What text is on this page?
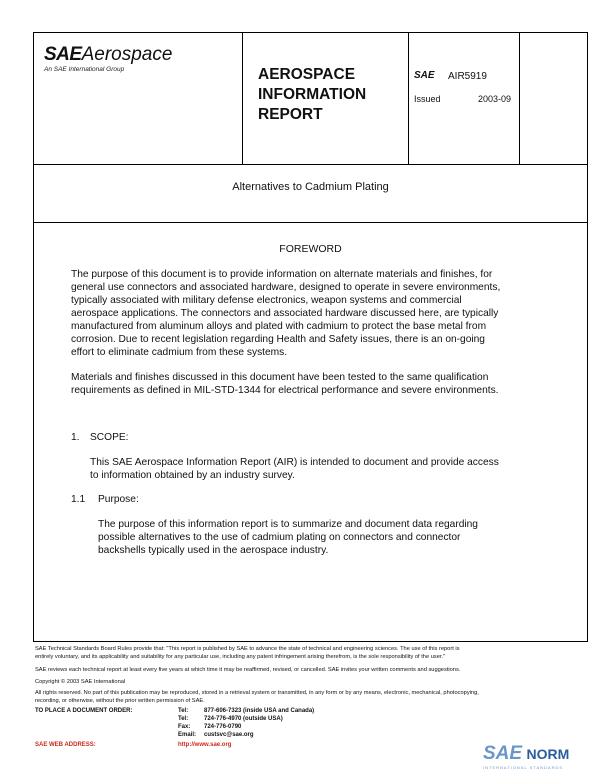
SAEAerospace
An SAE International Group	AEROSPACE
INFORMATION
REPORT
SAE AIR5919
Issued	2003-09
Alternatives to Cadmium Plating
FOREWORD
The purpose of this document is to provide information on alternate materials and finishes, for
general use connectors and associated hardware, designed to operate in severe environments,
typically associated with military defense electronics, weapon systems and commercial
aerospace applications. The connectors and associated hardware discussed here, are typically
manufactured from aluminum alloys and plated with cadmium to protect the base metal from
corrosion. Due to recent legislation regarding Health and Safety issues, there is an on-going
effort to eliminate cadmium from these systems.
Materials and finishes discussed in this document have been tested to the same qualification
requirements as defined in MIL-STD-1344 for electrical performance and severe environments.
1. SCOPE:
This SAE Aerospace Information Report (AIR) is intended to document and provide access
to information obtained by an industry survey.
1.1 Purpose:
The purpose of this information report is to summarize and document data regarding
possible alternatives to the use of cadmium plating on connectors and connector
backshells typically used in the aerospace industry.
SAE Technical Standards Board Rules provide that: "This report is published by SAE to advance the state of technical and engineering sciences. The use of this report is
entirely voluntary, and its applicability and suitability for any particular use, including any patent infringement arising therefrom, is the sole responsibility of the user."
SAE reviews each technical report at least every five years at which time it may be reaffirmed, revised, or cancelled. SAE invites your written comments and suggestions.
Copyright © 2003 SAE International
All rights reserved. No part of this publication may be reproduced, stored in a retrieval system or transmitted, in any form or by any means, electronic, mechanical, photocopying,
recording, or otherwise, without the prior written permission of SAE.
TO PLACE A DOCUMENT ORDER:	Tel:	877-606-7323 (inside USA and Canada)
Tel:	724-776-4970 (outside USA)
Fax: 724-776-0790
Email: custsvc@sae.org
SAE WEB ADDRESS:	http://www.sae.org	SAE NORM
INTERNATIONAL STANDARDS
